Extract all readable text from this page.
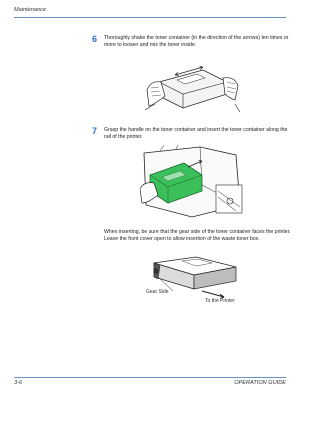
Maintenance
6 Thoroughly shake the toner container (in the direction of the arrows) ten times or more to loosen and mix the toner inside.
7 Grasp the handle on the toner container and insert the toner container along the rail of the printer.
When inserting, be sure that the gear side of the toner container faces the printer. Leave the front cover open to allow insertion of the waste toner box.
Gear Side
To the Printer
3-6	OPERATION GUIDE
